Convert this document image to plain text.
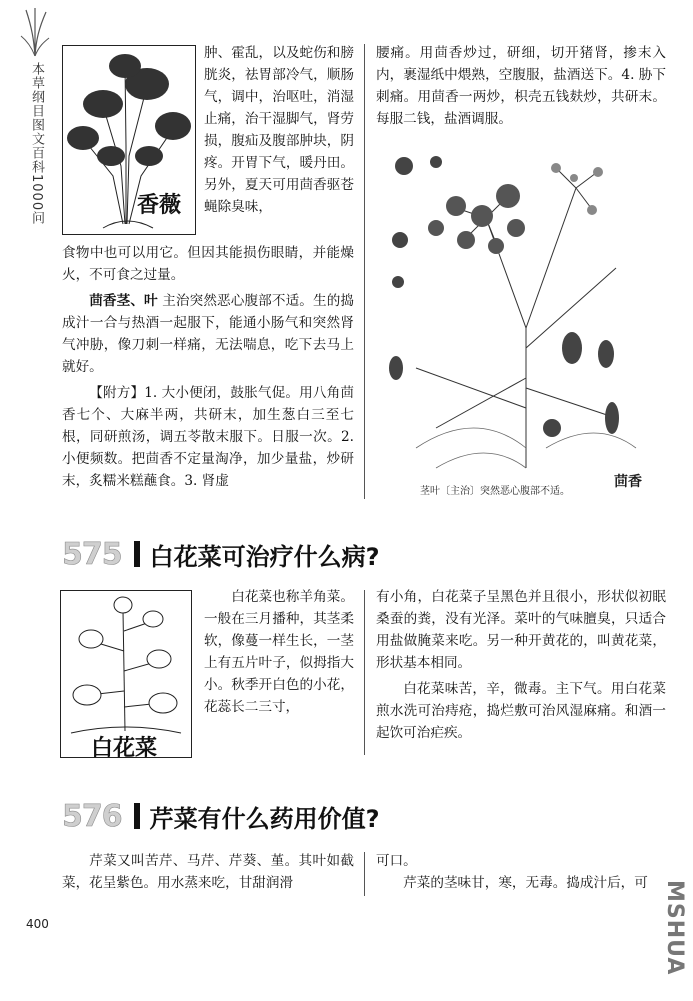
本草纲目图文百科1000问	香薇

肿、霍乱，以及蛇伤和膀胱炎，祛胃部冷气，顺肠气，调中，治呕吐，消湿止痛，治干湿脚气，肾劳损，腹疝及腹部肿块，阴疼。开胃下气，暖丹田。另外，夏天可用茴香驱苍蝇除臭味，

食物中也可以用它。但因其能损伤眼睛，并能燥火，不可食之过量。

茴香茎、叶 主治突然恶心腹部不适。生的捣成汁一合与热酒一起服下，能通小肠气和突然肾气冲胁，像刀刺一样痛，无法喘息，吃下去马上就好。

【附方】1. 大小便闭，鼓胀气促。用八角茴香七个、大麻半两，共研末，加生葱白三至七根，同研煎汤，调五苓散末服下。日服一次。2. 小便频数。把茴香不定量淘净，加少量盐，炒研末，炙糯米糕蘸食。3. 肾虚

腰痛。用茴香炒过，研细，切开猪肾，掺末入内，裹湿纸中煨熟，空腹服，盐酒送下。4. 胁下刺痛。用茴香一两炒，枳壳五钱麸炒，共研末。每服二钱，盐酒调服。

茎叶〔主治〕突然恶心腹部不适。
茴香
575 白花菜可治疗什么病?
白花菜

白花菜也称羊角菜。一般在三月播种，其茎柔软，像蔓一样生长，一茎上有五片叶子，似拇指大小。秋季开白色的小花，花蕊长二三寸，

有小角，白花菜子呈黑色并且很小，形状似初眠桑蚕的粪，没有光泽。菜叶的气味膻臭，只适合用盐做腌菜来吃。另一种开黄花的，叫黄花菜，形状基本相同。

白花菜味苦，辛，微毒。主下气。用白花菜煎水洗可治痔疮，捣烂敷可治风湿麻痛。和酒一起饮可治疟疾。

576 芹菜有什么药用价值?

芹菜又叫苦芹、马芹、芹葵、堇。其叶如截菜，花呈紫色。用水蒸来吃，甘甜润滑

可口。

芹菜的茎味甘，寒，无毒。捣成汁后，可

400	MSHUA
